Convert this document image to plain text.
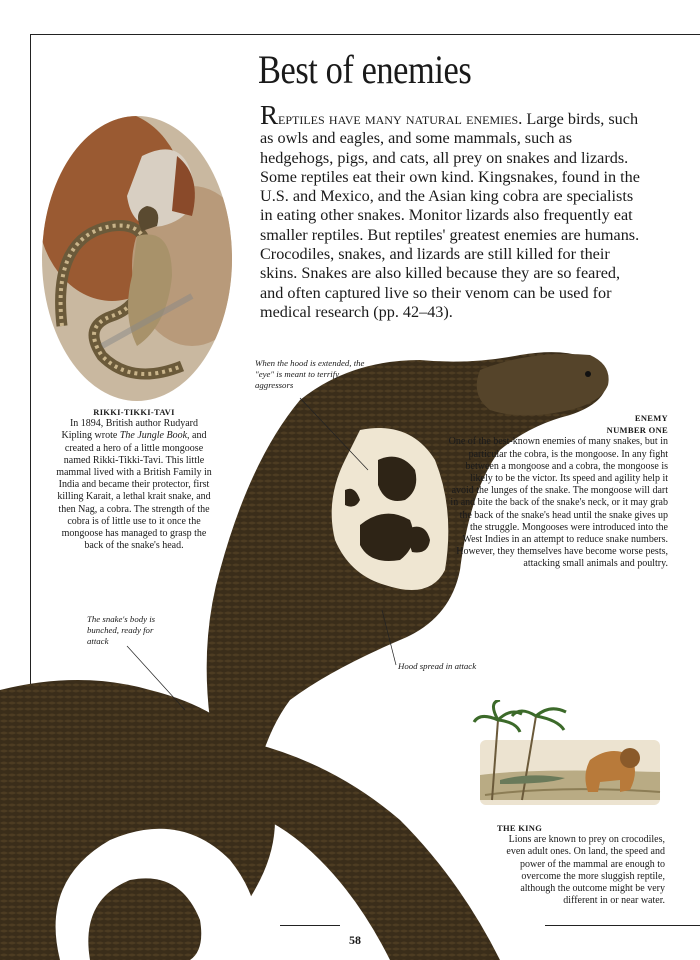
Best of enemies

Reptiles have many natural enemies. Large birds, such as owls and eagles, and some mammals, such as hedgehogs, pigs, and cats, all prey on snakes and lizards. Some reptiles eat their own kind. Kingsnakes, found in the U.S. and Mexico, and the Asian king cobra are specialists in eating other snakes. Monitor lizards also frequently eat smaller reptiles. But reptiles' greatest enemies are humans. Crocodiles, snakes, and lizards are still killed for their skins. Snakes are also killed because they are so feared, and often captured live so their venom can be used for medical research (pp. 42–43).

RIKKI-TIKKI-TAVI
In 1894, British author Rudyard Kipling wrote The Jungle Book, and created a hero of a little mongoose named Rikki-Tikki-Tavi. This little mammal lived with a British Family in India and became their protector, first killing Karait, a lethal krait snake, and then Nag, a cobra. The strength of the cobra is of little use to it once the mongoose has managed to grasp the back of the snake's head.
ENEMY
NUMBER ONE
One of the best-known enemies of many snakes, but in particular the cobra, is the mongoose. In any fight between a mongoose and a cobra, the mongoose is likely to be the victor. Its speed and agility help it avoid the lunges of the snake. The mongoose will dart in and bite the back of the snake's neck, or it may grab the back of the snake's head until the snake gives up the struggle. Mongooses were introduced into the West Indies in an attempt to reduce snake numbers. However, they themselves have become worse pests, attacking small animals and poultry.
When the hood is extended, the "eye" is meant to terrify aggressors
The snake's body is bunched, ready for attack
Hood spread in attack
THE KING
Lions are known to prey on crocodiles, even adult ones. On land, the speed and power of the mammal are enough to overcome the more sluggish reptile, although the outcome might be very different in or near water.
58
